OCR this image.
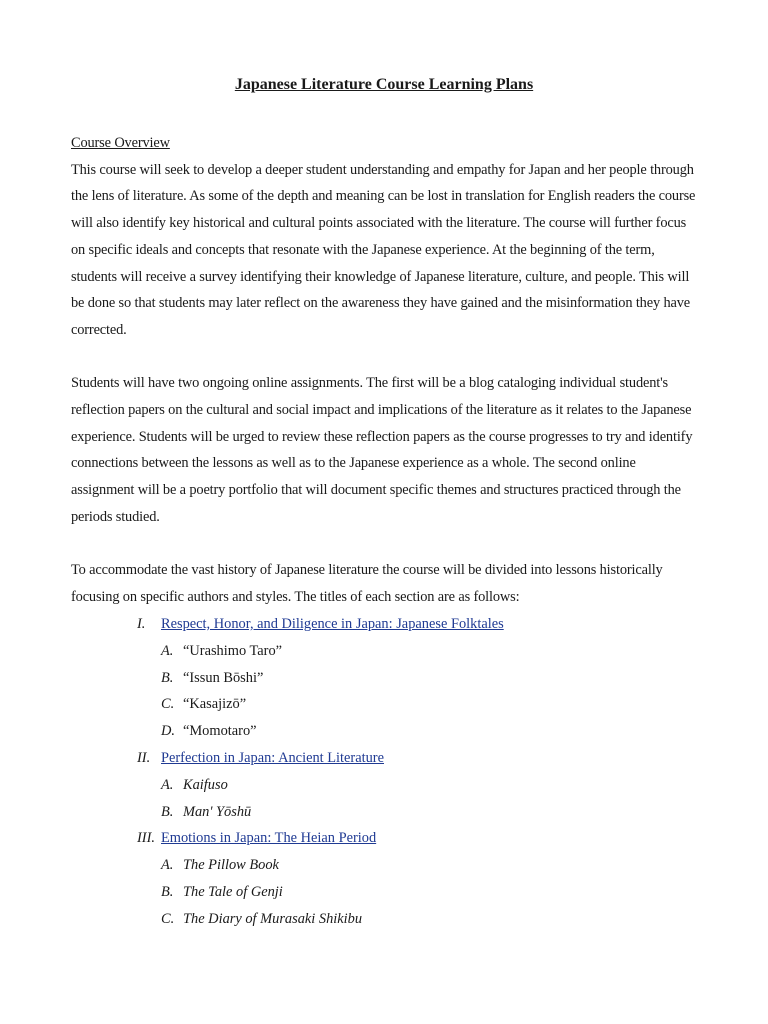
Japanese Literature Course Learning Plans

Course Overview

This course will seek to develop a deeper student understanding and empathy for Japan and her people through the lens of literature. As some of the depth and meaning can be lost in translation for English readers the course will also identify key historical and cultural points associated with the literature. The course will further focus on specific ideals and concepts that resonate with the Japanese experience. At the beginning of the term, students will receive a survey identifying their knowledge of Japanese literature, culture, and people. This will be done so that students may later reflect on the awareness they have gained and the misinformation they have corrected.

Students will have two ongoing online assignments. The first will be a blog cataloging individual student's reflection papers on the cultural and social impact and implications of the literature as it relates to the Japanese experience. Students will be urged to review these reflection papers as the course progresses to try and identify connections between the lessons as well as to the Japanese experience as a whole. The second online assignment will be a poetry portfolio that will document specific themes and structures practiced through the periods studied.

To accommodate the vast history of Japanese literature the course will be divided into lessons historically focusing on specific authors and styles. The titles of each section are as follows:

I. Respect, Honor, and Diligence in Japan: Japanese Folktales
A. “Urashimo Taro”
B. “Issun Bōshi”
C. “Kasajizō”
D. “Momotaro”
II. Perfection in Japan: Ancient Literature
A. Kaifuso
B. Man' Yōshū
III. Emotions in Japan: The Heian Period
A. The Pillow Book
B. The Tale of Genji
C. The Diary of Murasaki Shikibu
